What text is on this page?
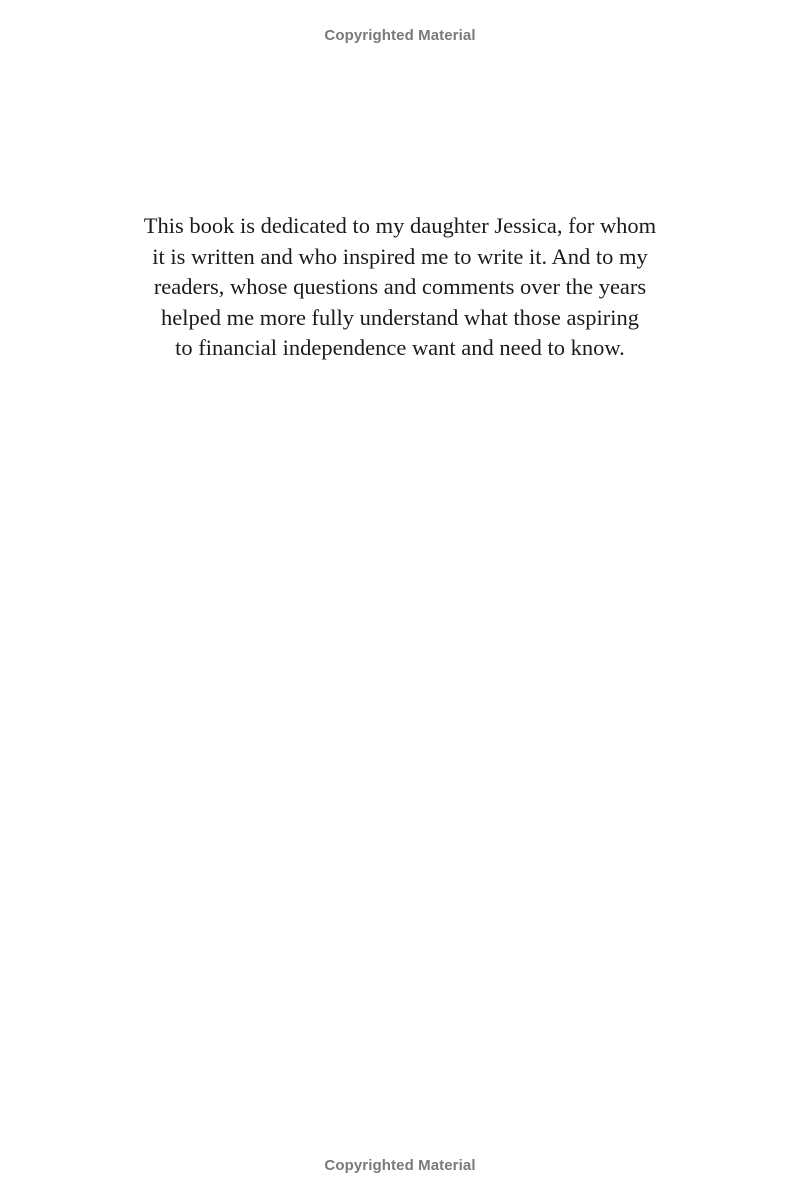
Copyrighted Material
This book is dedicated to my daughter Jessica, for whom
it is written and who inspired me to write it. And to my
readers, whose questions and comments over the years
helped me more fully understand what those aspiring
to financial independence want and need to know.
Copyrighted Material
